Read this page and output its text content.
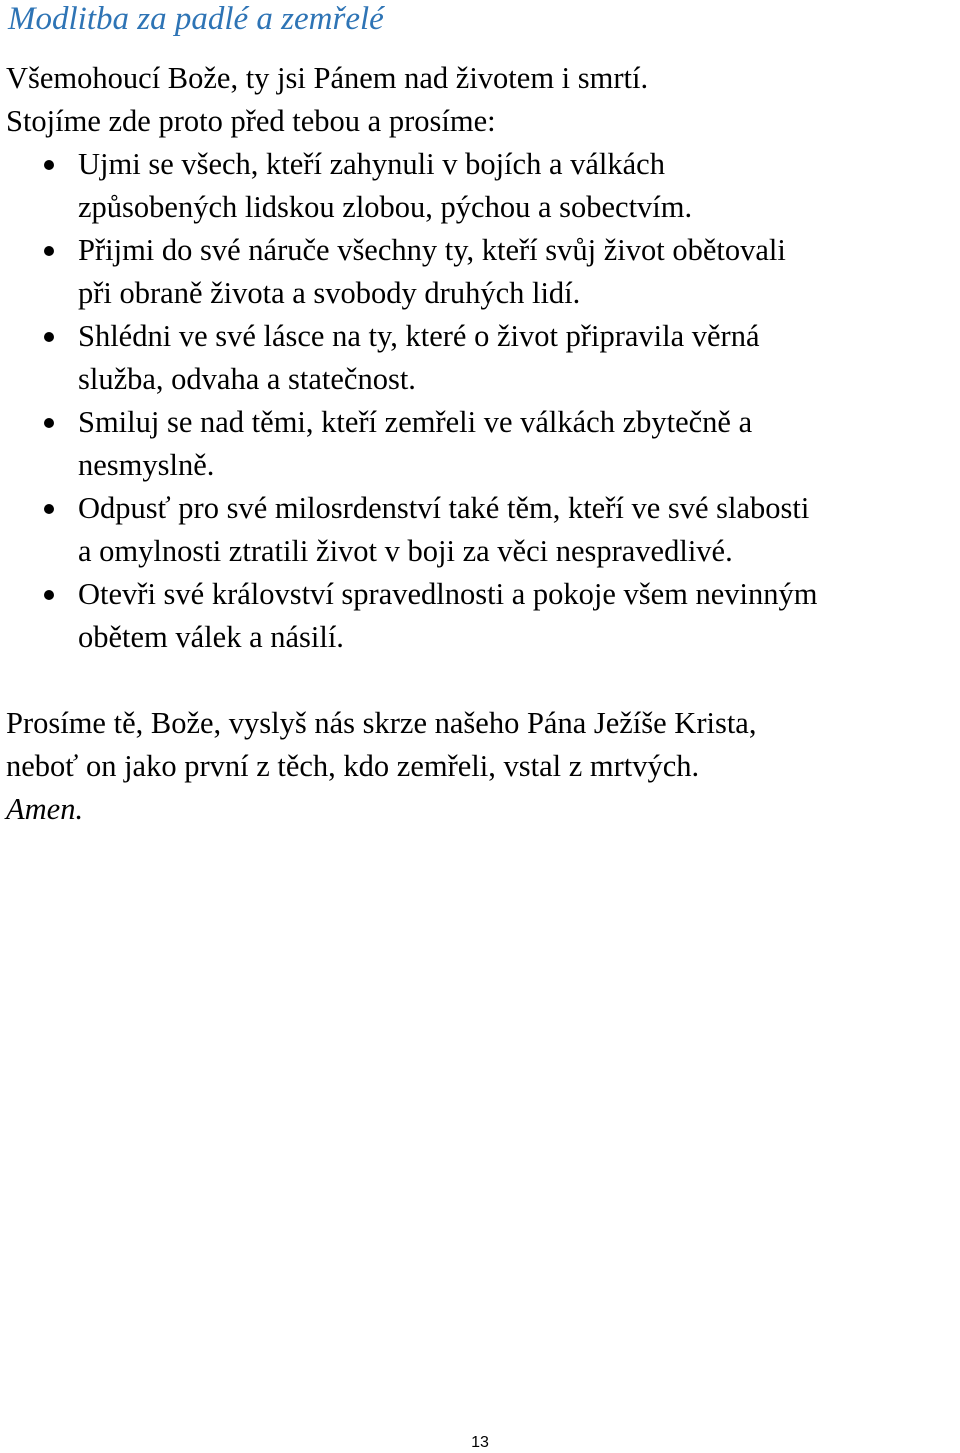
Modlitba za padlé a zemřelé

Všemohoucí Bože, ty jsi Pánem nad životem i smrtí.

Stojíme zde proto před tebou a prosíme:

Ujmi se všech, kteří zahynuli v bojích a válkách
způsobených lidskou zlobou, pýchou a sobectvím.
Přijmi do své náruče všechny ty, kteří svůj život obětovali
při obraně života a svobody druhých lidí.
Shlédni ve své lásce na ty, které o život připravila věrná
služba, odvaha a statečnost.
Smiluj se nad těmi, kteří zemřeli ve válkách zbytečně a
nesmyslně.
Odpusť pro své milosrdenství také těm, kteří ve své slabosti
a omylnosti ztratili život v boji za věci nespravedlivé.
Otevři své království spravedlnosti a pokoje všem nevinným
obětem válek a násilí.

Prosíme tě, Bože, vyslyš nás skrze našeho Pána Ježíše Krista,

neboť on jako první z těch, kdo zemřeli, vstal z mrtvých.

Amen.

13
